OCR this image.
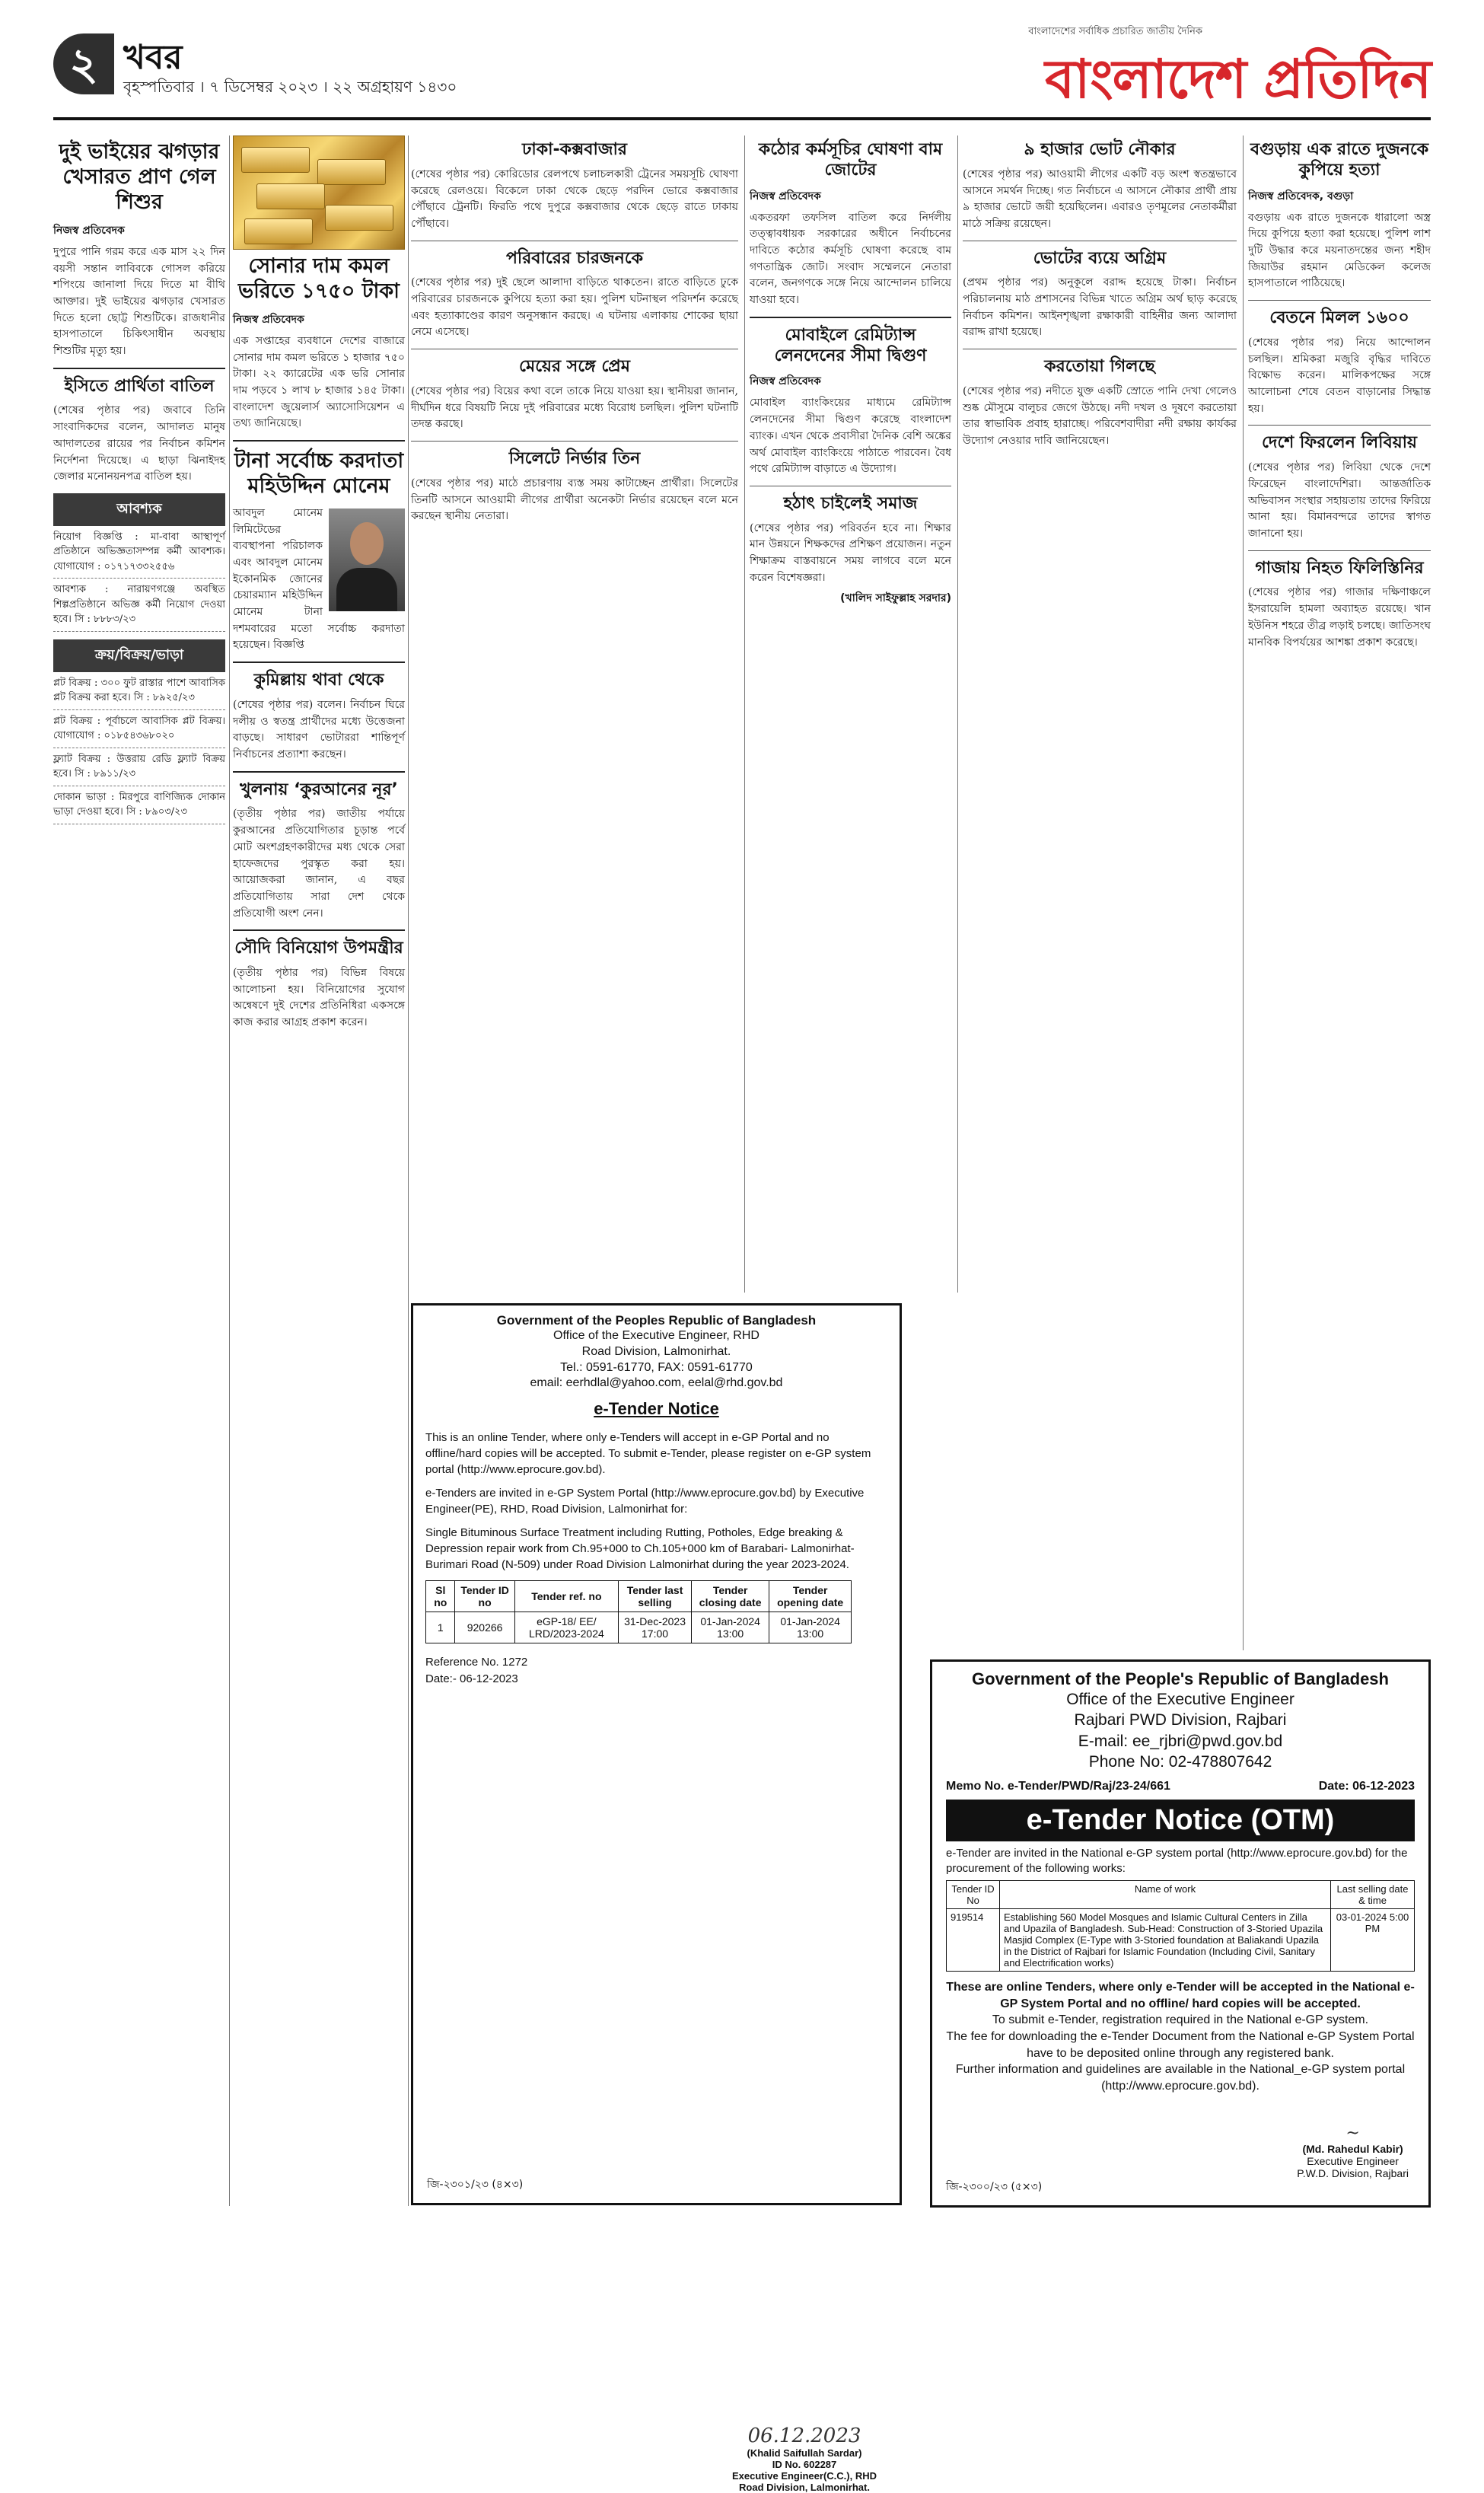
২ খবর
বৃহস্পতিবার । ৭ ডিসেম্বর ২০২৩ । ২২ অগ্রহায়ণ ১৪৩০
বাংলাদেশের সর্বাধিক প্রচারিত জাতীয় দৈনিক
বাংলাদেশ প্রতিদিন
দুই ভাইয়ের ঝগড়ার খেসারত প্রাণ গেল শিশুর
নিজস্ব প্রতিবেদক

দুপুরে পানি গরম করে এক মাস ২২ দিন বয়সী সন্তান লাবিবকে গোসল করিয়ে শপিংয়ে জানালা দিয়ে দিতে মা বীথি আক্তার। দুই ভাইয়ের ঝগড়ার খেসারত দিতে হলো ছোট্ট শিশুটিকে। রাজধানীর হাসপাতালে চিকিৎসাধীন অবস্থায় শিশুটির মৃত্যু হয়।

ইসিতে প্রার্থিতা বাতিল

(শেষের পৃষ্ঠার পর) জবাবে তিনি সাংবাদিকদের বলেন, আদালত মানুষ আদালতের রায়ের পর নির্বাচন কমিশন নির্দেশনা দিয়েছে। এ ছাড়া ঝিনাইদহ জেলার মনোনয়নপত্র বাতিল হয়।

আবশ্যক
নিয়োগ বিজ্ঞপ্তি : মা-বাবা আস্থাপূর্ণ প্রতিষ্ঠানে অভিজ্ঞতাসম্পন্ন কর্মী আবশ্যক। যোগাযোগ : ০১৭১৭৩৩২৫৫৬
আবশ্যক : নারায়ণগঞ্জে অবস্থিত শিল্পপ্রতিষ্ঠানে অভিজ্ঞ কর্মী নিয়োগ দেওয়া হবে। সি : ৮৮৮৩/২৩
ক্রয়/বিক্রয়/ভাড়া
প্লট বিক্রয় : ৩০০ ফুট রাস্তার পাশে আবাসিক প্লট বিক্রয় করা হবে। সি : ৮৯২৫/২৩
প্লট বিক্রয় : পূর্বাচলে আবাসিক প্লট বিক্রয়। যোগাযোগ : ০১৮৫৪৩৬৮০২০
ফ্ল্যাট বিক্রয় : উত্তরায় রেডি ফ্ল্যাট বিক্রয় হবে। সি : ৮৯১১/২৩
দোকান ভাড়া : মিরপুরে বাণিজ্যিক দোকান ভাড়া দেওয়া হবে। সি : ৮৯০৩/২৩
সোনার দাম কমল ভরিতে ১৭৫০ টাকা
নিজস্ব প্রতিবেদক

এক সপ্তাহের ব্যবধানে দেশের বাজারে সোনার দাম কমল ভরিতে ১ হাজার ৭৫০ টাকা। ২২ ক্যারেটের এক ভরি সোনার দাম পড়বে ১ লাখ ৮ হাজার ১৪৫ টাকা। বাংলাদেশ জুয়েলার্স অ্যাসোসিয়েশন এ তথ্য জানিয়েছে।

টানা সর্বোচ্চ করদাতা মহিউদ্দিন মোনেম

আবদুল মোনেম লিমিটেডের ব্যবস্থাপনা পরিচালক এবং আবদুল মোনেম ইকোনমিক জোনের চেয়ারম্যান মহিউদ্দিন মোনেম টানা দশমবারের মতো সর্বোচ্চ করদাতা হয়েছেন। বিজ্ঞপ্তি

কুমিল্লায় থাবা থেকে

(শেষের পৃষ্ঠার পর) বলেন। নির্বাচন ঘিরে দলীয় ও স্বতন্ত্র প্রার্থীদের মধ্যে উত্তেজনা বাড়ছে। সাধারণ ভোটাররা শান্তিপূর্ণ নির্বাচনের প্রত্যাশা করছেন।

খুলনায় ‘কুরআনের নূর’

(তৃতীয় পৃষ্ঠার পর) জাতীয় পর্যায়ে কুরআনের প্রতিযোগিতার চূড়ান্ত পর্বে মোট অংশগ্রহণকারীদের মধ্য থেকে সেরা হাফেজদের পুরস্কৃত করা হয়। আয়োজকরা জানান, এ বছর প্রতিযোগিতায় সারা দেশ থেকে প্রতিযোগী অংশ নেন।

সৌদি বিনিয়োগ উপমন্ত্রীর

(তৃতীয় পৃষ্ঠার পর) বিভিন্ন বিষয়ে আলোচনা হয়। বিনিয়োগের সুযোগ অন্বেষণে দুই দেশের প্রতিনিধিরা একসঙ্গে কাজ করার আগ্রহ প্রকাশ করেন।

ঢাকা-কক্সবাজার

(শেষের পৃষ্ঠার পর) কোরিডোর রেলপথে চলাচলকারী ট্রেনের সময়সূচি ঘোষণা করেছে রেলওয়ে। বিকেলে ঢাকা থেকে ছেড়ে পরদিন ভোরে কক্সবাজার পৌঁছাবে ট্রেনটি। ফিরতি পথে দুপুরে কক্সবাজার থেকে ছেড়ে রাতে ঢাকায় পৌঁছাবে।

পরিবারের চারজনকে

(শেষের পৃষ্ঠার পর) দুই ছেলে আলাদা বাড়িতে থাকতেন। রাতে বাড়িতে ঢুকে পরিবারের চারজনকে কুপিয়ে হত্যা করা হয়। পুলিশ ঘটনাস্থল পরিদর্শন করেছে এবং হত্যাকাণ্ডের কারণ অনুসন্ধান করছে। এ ঘটনায় এলাকায় শোকের ছায়া নেমে এসেছে।

মেয়ের সঙ্গে প্রেম

(শেষের পৃষ্ঠার পর) বিয়ের কথা বলে তাকে নিয়ে যাওয়া হয়। স্থানীয়রা জানান, দীর্ঘদিন ধরে বিষয়টি নিয়ে দুই পরিবারের মধ্যে বিরোধ চলছিল। পুলিশ ঘটনাটি তদন্ত করছে।

সিলেটে নির্ভার তিন

(শেষের পৃষ্ঠার পর) মাঠে প্রচারণায় ব্যস্ত সময় কাটাচ্ছেন প্রার্থীরা। সিলেটের তিনটি আসনে আওয়ামী লীগের প্রার্থীরা অনেকটা নির্ভার রয়েছেন বলে মনে করছেন স্থানীয় নেতারা।

কঠোর কর্মসূচির ঘোষণা বাম জোটের
নিজস্ব প্রতিবেদক

একতরফা তফসিল বাতিল করে নির্দলীয় তত্ত্বাবধায়ক সরকারের অধীনে নির্বাচনের দাবিতে কঠোর কর্মসূচি ঘোষণা করেছে বাম গণতান্ত্রিক জোট। সংবাদ সম্মেলনে নেতারা বলেন, জনগণকে সঙ্গে নিয়ে আন্দোলন চালিয়ে যাওয়া হবে।

মোবাইলে রেমিট্যান্স লেনদেনের সীমা দ্বিগুণ
নিজস্ব প্রতিবেদক

মোবাইল ব্যাংকিংয়ের মাধ্যমে রেমিট্যান্স লেনদেনের সীমা দ্বিগুণ করেছে বাংলাদেশ ব্যাংক। এখন থেকে প্রবাসীরা দৈনিক বেশি অঙ্কের অর্থ মোবাইল ব্যাংকিংয়ে পাঠাতে পারবেন। বৈধ পথে রেমিট্যান্স বাড়াতে এ উদ্যোগ।

হঠাৎ চাইলেই সমাজ

(শেষের পৃষ্ঠার পর) পরিবর্তন হবে না। শিক্ষার মান উন্নয়নে শিক্ষকদের প্রশিক্ষণ প্রয়োজন। নতুন শিক্ষাক্রম বাস্তবায়নে সময় লাগবে বলে মনে করেন বিশেষজ্ঞরা।

(খালিদ সাইফুল্লাহ সরদার)
৯ হাজার ভোট নৌকার

(শেষের পৃষ্ঠার পর) আওয়ামী লীগের একটি বড় অংশ স্বতন্ত্রভাবে আসনে সমর্থন দিচ্ছে। গত নির্বাচনে এ আসনে নৌকার প্রার্থী প্রায় ৯ হাজার ভোটে জয়ী হয়েছিলেন। এবারও তৃণমূলের নেতাকর্মীরা মাঠে সক্রিয় রয়েছেন।

ভোটের ব্যয়ে অগ্রিম

(প্রথম পৃষ্ঠার পর) অনুকূলে বরাদ্দ হয়েছে টাকা। নির্বাচন পরিচালনায় মাঠ প্রশাসনের বিভিন্ন খাতে অগ্রিম অর্থ ছাড় করেছে নির্বাচন কমিশন। আইনশৃঙ্খলা রক্ষাকারী বাহিনীর জন্য আলাদা বরাদ্দ রাখা হয়েছে।

করতোয়া গিলছে

(শেষের পৃষ্ঠার পর) নদীতে যুক্ত একটি স্রোতে পানি দেখা গেলেও শুষ্ক মৌসুমে বালুচর জেগে উঠছে। নদী দখল ও দূষণে করতোয়া তার স্বাভাবিক প্রবাহ হারাচ্ছে। পরিবেশবাদীরা নদী রক্ষায় কার্যকর উদ্যোগ নেওয়ার দাবি জানিয়েছেন।

বগুড়ায় এক রাতে দুজনকে কুপিয়ে হত্যা
নিজস্ব প্রতিবেদক, বগুড়া

বগুড়ায় এক রাতে দুজনকে ধারালো অস্ত্র দিয়ে কুপিয়ে হত্যা করা হয়েছে। পুলিশ লাশ দুটি উদ্ধার করে ময়নাতদন্তের জন্য শহীদ জিয়াউর রহমান মেডিকেল কলেজ হাসপাতালে পাঠিয়েছে।

বেতনে মিলল ১৬০০

(শেষের পৃষ্ঠার পর) নিয়ে আন্দোলন চলছিল। শ্রমিকরা মজুরি বৃদ্ধির দাবিতে বিক্ষোভ করেন। মালিকপক্ষের সঙ্গে আলোচনা শেষে বেতন বাড়ানোর সিদ্ধান্ত হয়।

দেশে ফিরলেন লিবিয়ায়

(শেষের পৃষ্ঠার পর) লিবিয়া থেকে দেশে ফিরেছেন বাংলাদেশিরা। আন্তর্জাতিক অভিবাসন সংস্থার সহায়তায় তাদের ফিরিয়ে আনা হয়। বিমানবন্দরে তাদের স্বাগত জানানো হয়।

গাজায় নিহত ফিলিস্তিনির

(শেষের পৃষ্ঠার পর) গাজার দক্ষিণাঞ্চলে ইসরায়েলি হামলা অব্যাহত রয়েছে। খান ইউনিস শহরে তীব্র লড়াই চলছে। জাতিসংঘ মানবিক বিপর্যয়ের আশঙ্কা প্রকাশ করেছে।

Government of the Peoples Republic of Bangladesh
Office of the Executive Engineer, RHD
Road Division, Lalmonirhat.
Tel.: 0591-61770, FAX: 0591-61770
email: eerhdlal@yahoo.com, eelal@rhd.gov.bd
e-Tender Notice

This is an online Tender, where only e-Tenders will accept in e-GP Portal and no offline/hard copies will be accepted. To submit e-Tender, please register on e-GP system portal (http://www.eprocure.gov.bd).

e-Tenders are invited in e-GP System Portal (http://www.eprocure.gov.bd) by Executive Engineer(PE), RHD, Road Division, Lalmonirhat for:

Single Bituminous Surface Treatment including Rutting, Potholes, Edge breaking & Depression repair work from Ch.95+000 to Ch.105+000 km of Barabari- Lalmonirhat- Burimari Road (N-509) under Road Division Lalmonirhat during the year 2023-2024.

Sl no	Tender ID no	Tender ref. no	Tender last selling	Tender closing date	Tender opening date
1	920266	eGP-18/ EE/ LRD/2023-2024	31-Dec-2023 17:00	01-Jan-2024 13:00	01-Jan-2024 13:00
Reference No. 1272
Date:- 06-12-2023
06.12.2023
(Khalid Saifullah Sardar)
ID No. 602287
Executive Engineer(C.C.), RHD
Road Division, Lalmonirhat.
জি-২৩০১/২৩ (৪×৩)
Government of the People's Republic of Bangladesh
Office of the Executive Engineer
Rajbari PWD Division, Rajbari
E-mail: ee_rjbri@pwd.gov.bd
Phone No: 02-478807642
Memo No. e-Tender/PWD/Raj/23-24/661	Date: 06-12-2023
e-Tender Notice (OTM)
e-Tender are invited in the National e-GP system portal (http://www.eprocure.gov.bd) for the procurement of the following works:
Tender ID No	Name of work	Last selling date & time
919514	Establishing 560 Model Mosques and Islamic Cultural Centers in Zilla and Upazila of Bangladesh. Sub-Head: Construction of 3-Storied Upazila Masjid Complex (E-Type with 3-Storied foundation at Baliakandi Upazila in the District of Rajbari for Islamic Foundation (Including Civil, Sanitary and Electrification works)	03-01-2024 5:00 PM

These are online Tenders, where only e-Tender will be accepted in the National e-GP System Portal and no offline/ hard copies will be accepted.

To submit e-Tender, registration required in the National e-GP system.

The fee for downloading the e-Tender Document from the National e-GP System Portal have to be deposited online through any registered bank.

Further information and guidelines are available in the National_e-GP system portal (http://www.eprocure.gov.bd).

~
(Md. Rahedul Kabir)
Executive Engineer
P.W.D. Division, Rajbari
জি-২৩০০/২৩ (৫×৩)
